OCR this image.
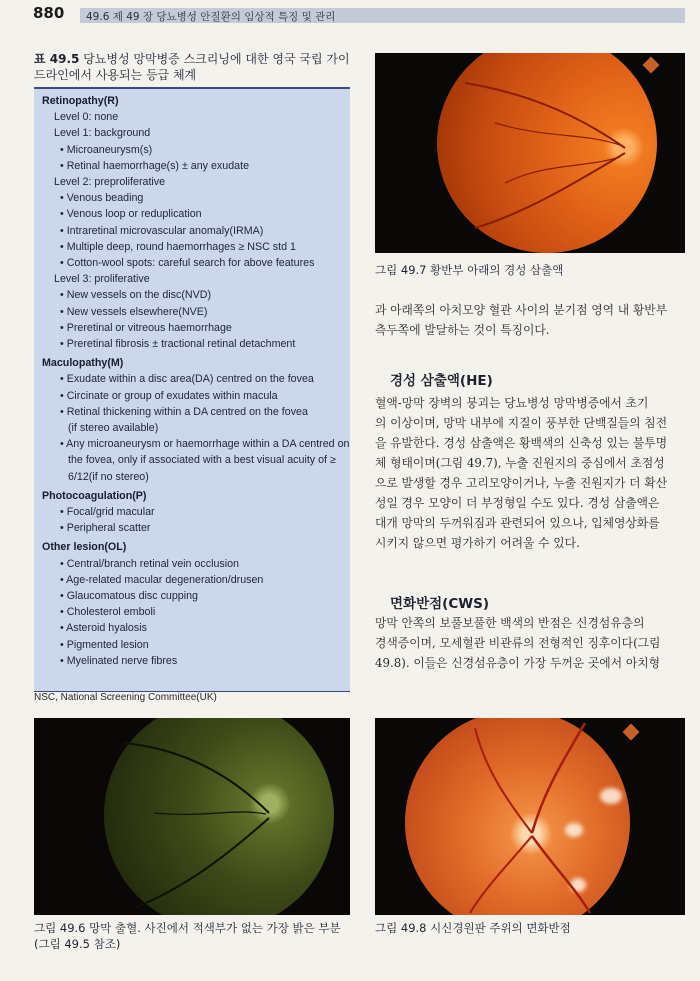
880 49.6 제 49 장 당뇨병성 안질환의 임상적 특징 및 관리
표 49.5 당뇨병성 망막병증 스크리닝에 대한 영국 국립 가이드라인에서 사용되는 등급 체계
Retinopathy(R)
Level 0: none
Level 1: background
• Microaneurysm(s)
• Retinal haemorrhage(s) ± any exudate
Level 2: preproliferative
• Venous beading
• Venous loop or reduplication
• Intraretinal microvascular anomaly(IRMA)
• Multiple deep, round haemorrhages ≥ NSC std 1
• Cotton-wool spots: careful search for above features
Level 3: proliferative
• New vessels on the disc(NVD)
• New vessels elsewhere(NVE)
• Preretinal or vitreous haemorrhage
• Preretinal fibrosis ± tractional retinal detachment
Maculopathy(M)
• Exudate within a disc area(DA) centred on the fovea
• Circinate or group of exudates within macula
• Retinal thickening within a DA centred on the fovea
(if stereo available)
• Any microaneurysm or haemorrhage within a DA centred on
the fovea, only if associated with a best visual acuity of ≥
6/12(if no stereo)
Photocoagulation(P)
• Focal/grid macular
• Peripheral scatter
Other lesion(OL)
• Central/branch retinal vein occlusion
• Age-related macular degeneration/drusen
• Glaucomatous disc cupping
• Cholesterol emboli
• Asteroid hyalosis
• Pigmented lesion
• Myelinated nerve fibres
NSC, National Screening Committee(UK)
그림 49.7 황반부 아래의 경성 삼출액
그림 49.6 망막 출혈. 사진에서 적색부가 없는 가장 밝은 부분
(그림 49.5 참조)
그림 49.8 시신경원판 주위의 면화반점
과 아래쪽의 아치모양 혈관 사이의 분기점 영역 내 황반부
측두쪽에 발달하는 것이 특징이다.
경성 삼출액(HE)
혈액-망막 장벽의 붕괴는 당뇨병성 망막병증에서 초기
의 이상이며, 망막 내부에 지질이 풍부한 단백질들의 침전
을 유발한다. 경성 삼출액은 황백색의 신축성 있는 불투명
체 형태이며(그림 49.7), 누출 진원지의 중심에서 초점성
으로 발생할 경우 고리모양이거나, 누출 진원지가 더 확산
성일 경우 모양이 더 부정형일 수도 있다. 경성 삼출액은
대개 망막의 두꺼워짐과 관련되어 있으나, 입체영상화를
시키지 않으면 평가하기 어려울 수 있다.
면화반점(CWS)
망막 안쪽의 보풀보풀한 백색의 반점은 신경섬유층의
경색증이며, 모세혈관 비관류의 전형적인 징후이다(그림
49.8). 이들은 신경섬유층이 가장 두꺼운 곳에서 아치형
